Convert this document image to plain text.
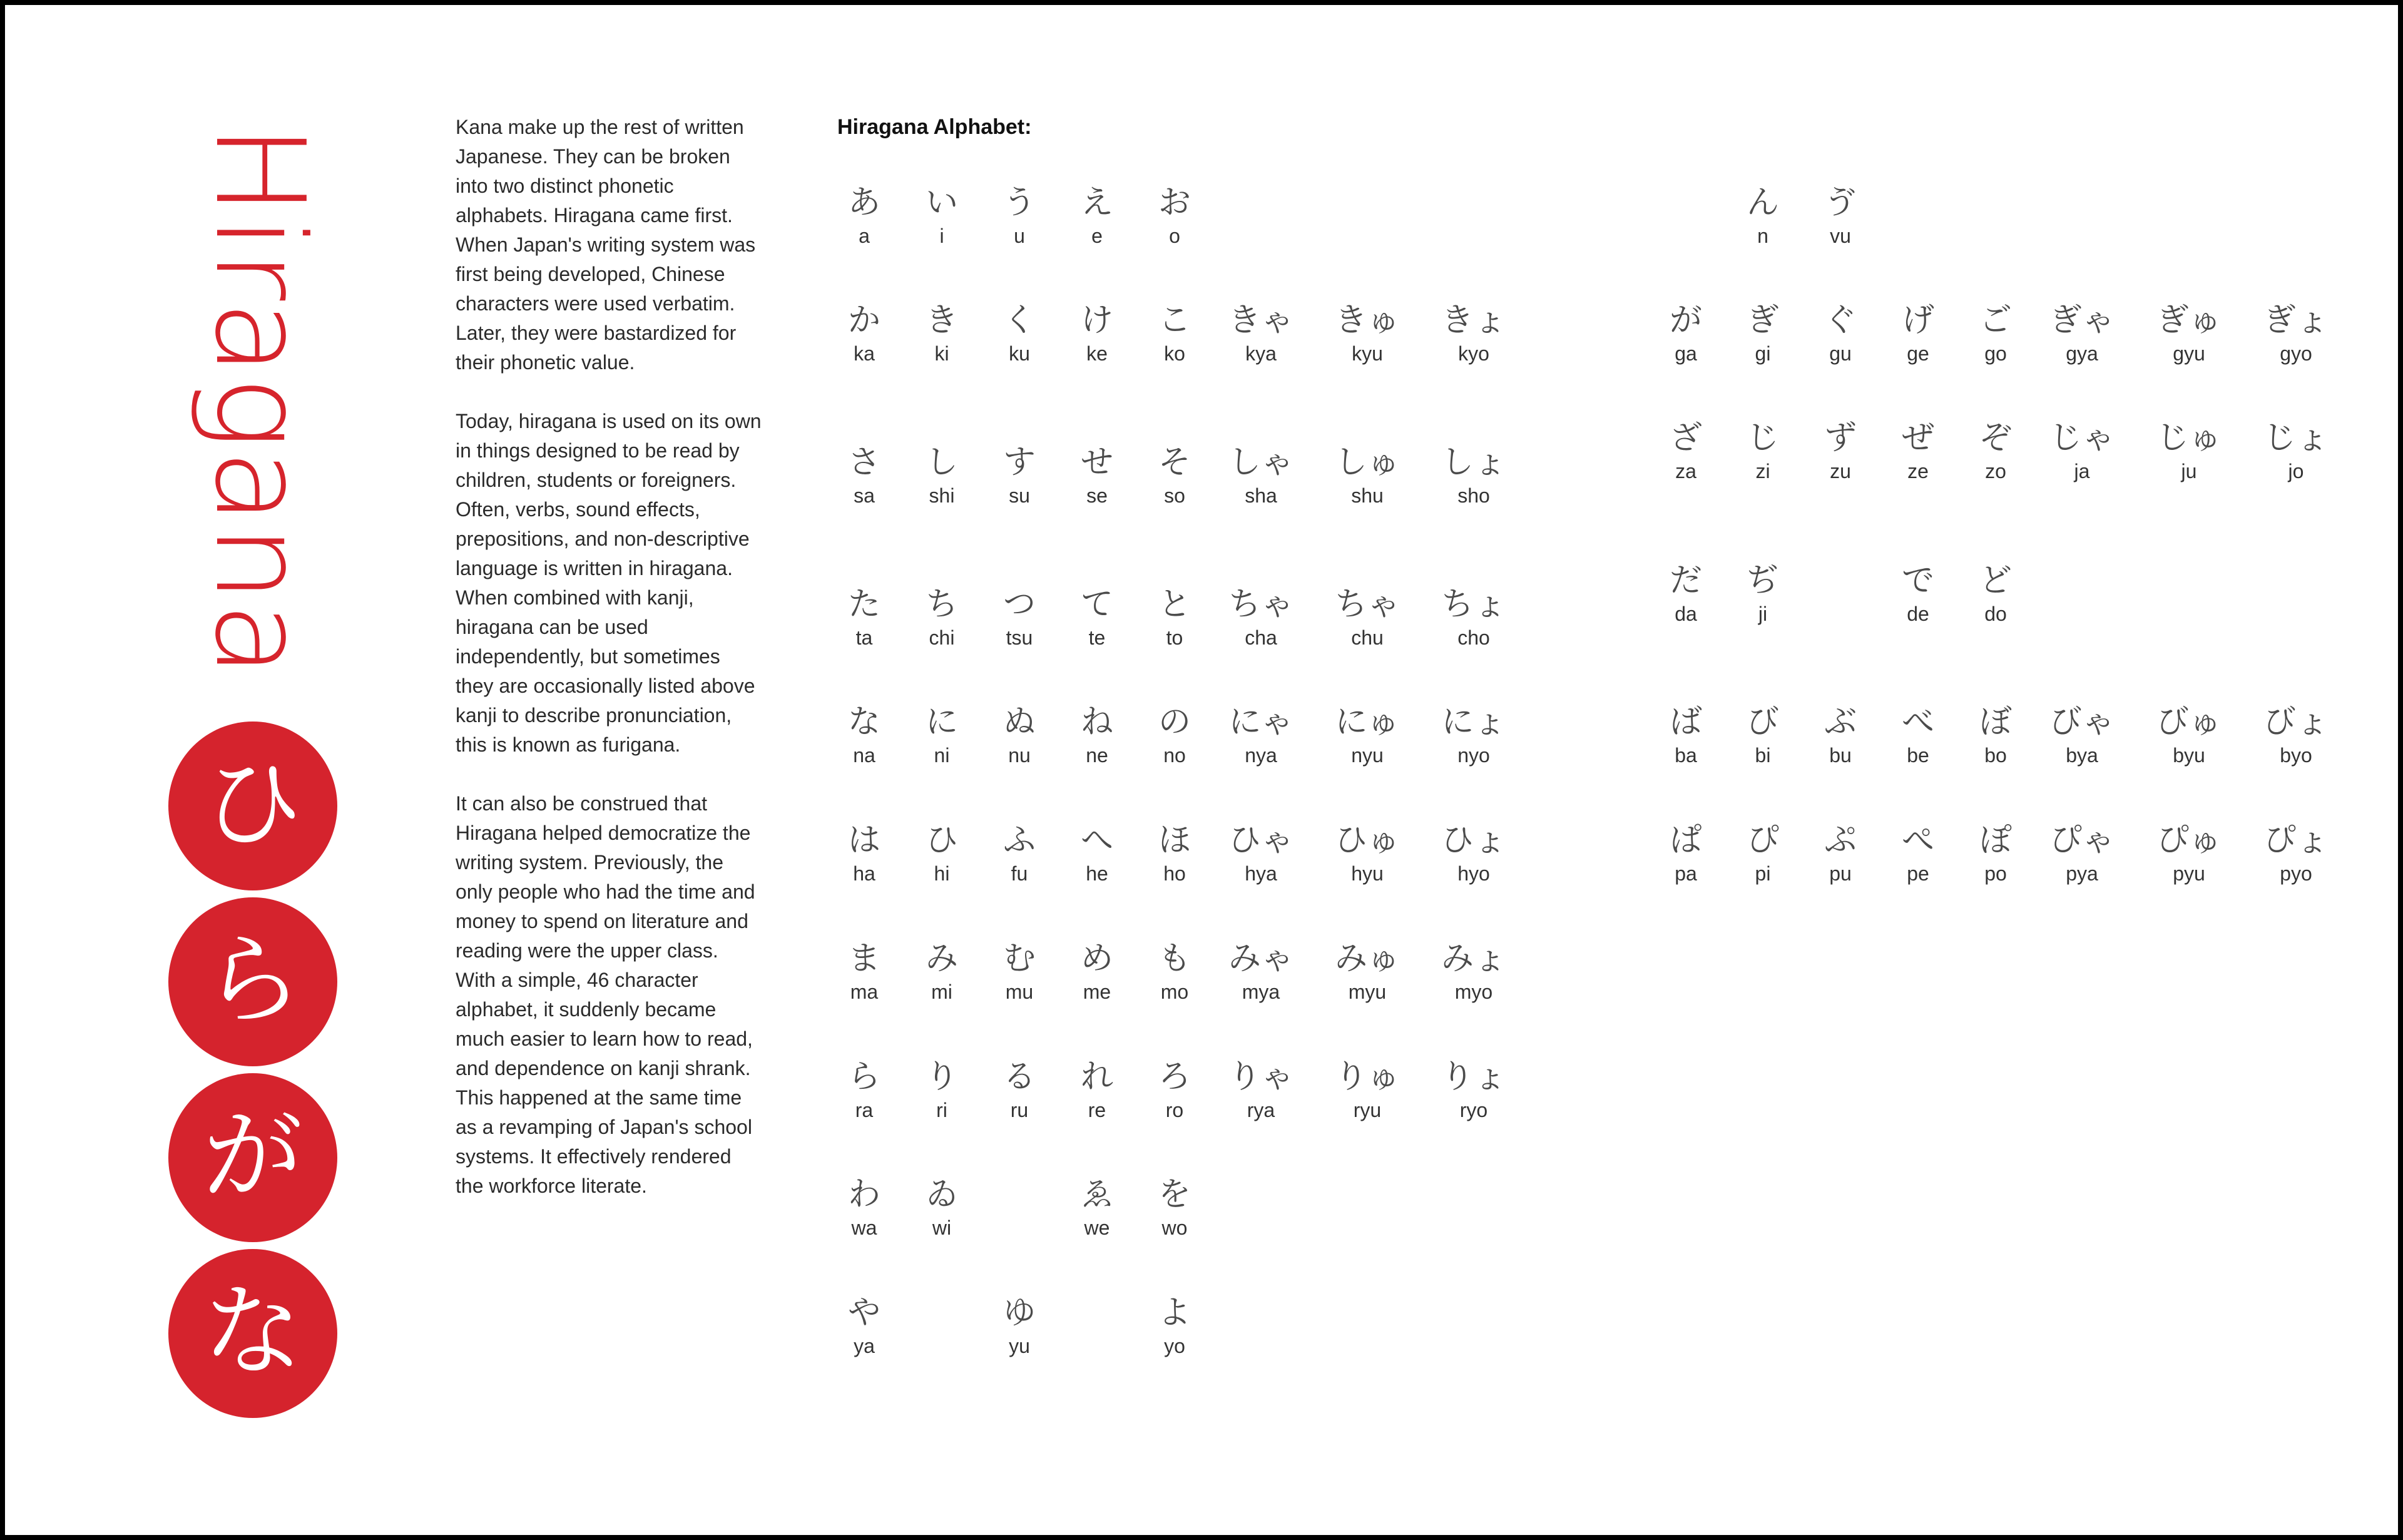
Hiragana
ひ
ら
が
な

Kana make up the rest of written Japanese. They can be broken into two distinct phonetic alphabets. Hiragana came first. When Japan's writing system was first being developed, Chinese characters were used verbatim. Later, they were bastardized for their phonetic value.

Today, hiragana is used on its own in things designed to be read by children, students or foreigners. Often, verbs, sound effects, prepositions, and non-descriptive language is written in hiragana. When combined with kanji, hiragana can be used independently, but sometimes they are occasionally listed above kanji to describe pronunciation, this is known as furigana.

It can also be construed that Hiragana helped democratize the writing system. Previously, the only people who had the time and money to spend on literature and reading were the upper class. With a simple, 46 character alphabet, it suddenly became much easier to learn how to read, and dependence on kanji shrank. This happened at the same time as a revamping of Japan's school systems. It effectively rendered the workforce literate.

Hiragana Alphabet:
あ
a
い
i
う
u
え
e
お
o
か
ka
き
ki
く
ku
け
ke
こ
ko
きゃ
kya
きゅ
kyu
きょ
kyo
さ
sa
し
shi
す
su
せ
se
そ
so
しゃ
sha
しゅ
shu
しょ
sho
た
ta
ち
chi
つ
tsu
て
te
と
to
ちゃ
cha
ちゃ
chu
ちょ
cho
な
na
に
ni
ぬ
nu
ね
ne
の
no
にゃ
nya
にゅ
nyu
にょ
nyo
は
ha
ひ
hi
ふ
fu
へ
he
ほ
ho
ひゃ
hya
ひゅ
hyu
ひょ
hyo
ま
ma
み
mi
む
mu
め
me
も
mo
みゃ
mya
みゅ
myu
みょ
myo
ら
ra
り
ri
る
ru
れ
re
ろ
ro
りゃ
rya
りゅ
ryu
りょ
ryo
わ
wa
ゐ
wi
ゑ
we
を
wo
や
ya
ゆ
yu
よ
yo
ん
n
ゔ
vu
が
ga
ぎ
gi
ぐ
gu
げ
ge
ご
go
ぎゃ
gya
ぎゅ
gyu
ぎょ
gyo
ざ
za
じ
zi
ず
zu
ぜ
ze
ぞ
zo
じゃ
ja
じゅ
ju
じょ
jo
だ
da
ぢ
ji
で
de
ど
do
ば
ba
び
bi
ぶ
bu
べ
be
ぼ
bo
びゃ
bya
びゅ
byu
びょ
byo
ぱ
pa
ぴ
pi
ぷ
pu
ぺ
pe
ぽ
po
ぴゃ
pya
ぴゅ
pyu
ぴょ
pyo
